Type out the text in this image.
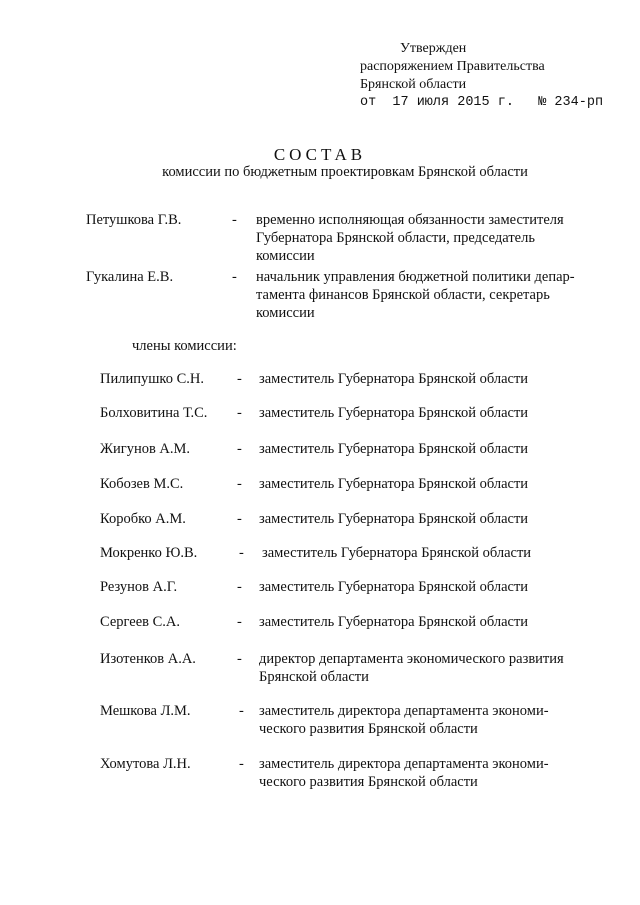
Утвержден
распоряжением Правительства
Брянской области
от  17 июля 2015 г.   № 234-рп
СОСТАВ
комиссии по бюджетным проектировкам Брянской области
Петушкова Г.В.	- временно исполняющая обязанности заместителя
Губернатора Брянской области, председатель
комиссии
Гукалина Е.В.	- начальник управления бюджетной политики депар-
тамента финансов Брянской области, секретарь
комиссии
члены комиссии:
Пилипушко С.Н. - заместитель Губернатора Брянской области
Болховитина Т.С. - заместитель Губернатора Брянской области
Жигунов А.М.	- заместитель Губернатора Брянской области
Кобозев М.С.	- заместитель Губернатора Брянской области
Коробко А.М.	- заместитель Губернатора Брянской области
Мокренко Ю.В.	- заместитель Губернатора Брянской области
Резунов А.Г.	- заместитель Губернатора Брянской области
Сергеев С.А.	- заместитель Губернатора Брянской области
Изотенков А.А.	- директор департамента экономического развития
Брянской области
Мешкова Л.М.	- заместитель директора департамента экономи-
ческого развития Брянской области
Хомутова Л.Н.	- заместитель директора департамента экономи-
ческого развития Брянской области
